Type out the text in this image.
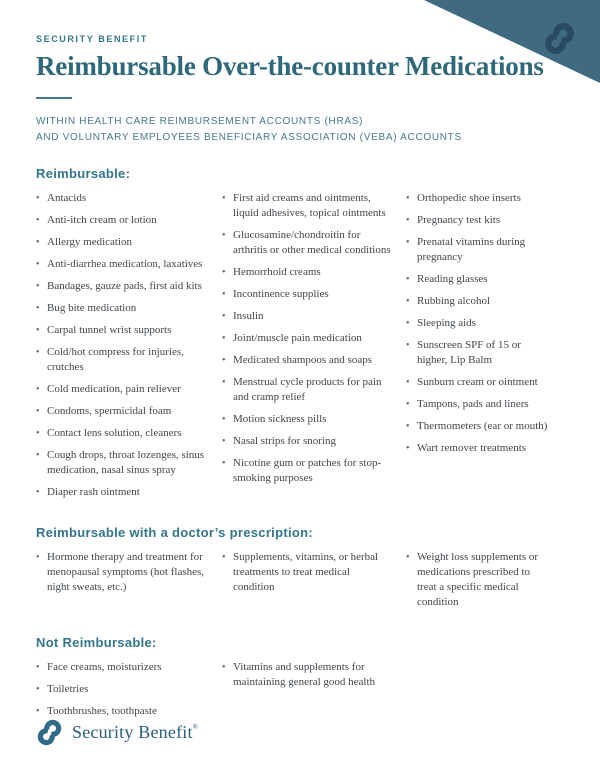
SECURITY BENEFIT
Reimbursable Over-the-counter Medications

WITHIN HEALTH CARE REIMBURSEMENT ACCOUNTS (HRAS)
AND VOLUNTARY EMPLOYEES BENEFICIARY ASSOCIATION (VEBA) ACCOUNTS

Reimbursable:
• Antacids
• Anti-itch cream or lotion
• Allergy medication
• Anti-diarrhea medication, laxatives
• Bandages, gauze pads, first aid kits
• Bug bite medication
• Carpal tunnel wrist supports
• Cold/hot compress for injuries, crutches
• Cold medication, pain reliever
• Condoms, spermicidal foam
• Contact lens solution, cleaners
• Cough drops, throat lozenges, sinus medication, nasal sinus spray
• Diaper rash ointment
• First aid creams and ointments, liquid adhesives, topical ointments
• Glucosamine/chondroitin for arthritis or other medical conditions
• Hemorrhoid creams
• Incontinence supplies
• Insulin
• Joint/muscle pain medication
• Medicated shampoos and soaps
• Menstrual cycle products for pain and cramp relief
• Motion sickness pills
• Nasal strips for snoring
• Nicotine gum or patches for stop-smoking purposes
• Orthopedic shoe inserts
• Pregnancy test kits
• Prenatal vitamins during pregnancy
• Reading glasses
• Rubbing alcohol
• Sleeping aids
• Sunscreen SPF of 15 or higher, Lip Balm
• Sunburn cream or ointment
• Tampons, pads and liners
• Thermometers (ear or mouth)
• Wart remover treatments
Reimbursable with a doctor’s prescription:
• Hormone therapy and treatment for menopausal symptoms (hot flashes, night sweats, etc.)
• Supplements, vitamins, or herbal treatments to treat medical condition
• Weight loss supplements or medications prescribed to treat a specific medical condition
Not Reimbursable:
• Face creams, moisturizers
• Toiletries
• Toothbrushes, toothpaste
• Vitamins and supplements for maintaining general good health
Security Benefit®
